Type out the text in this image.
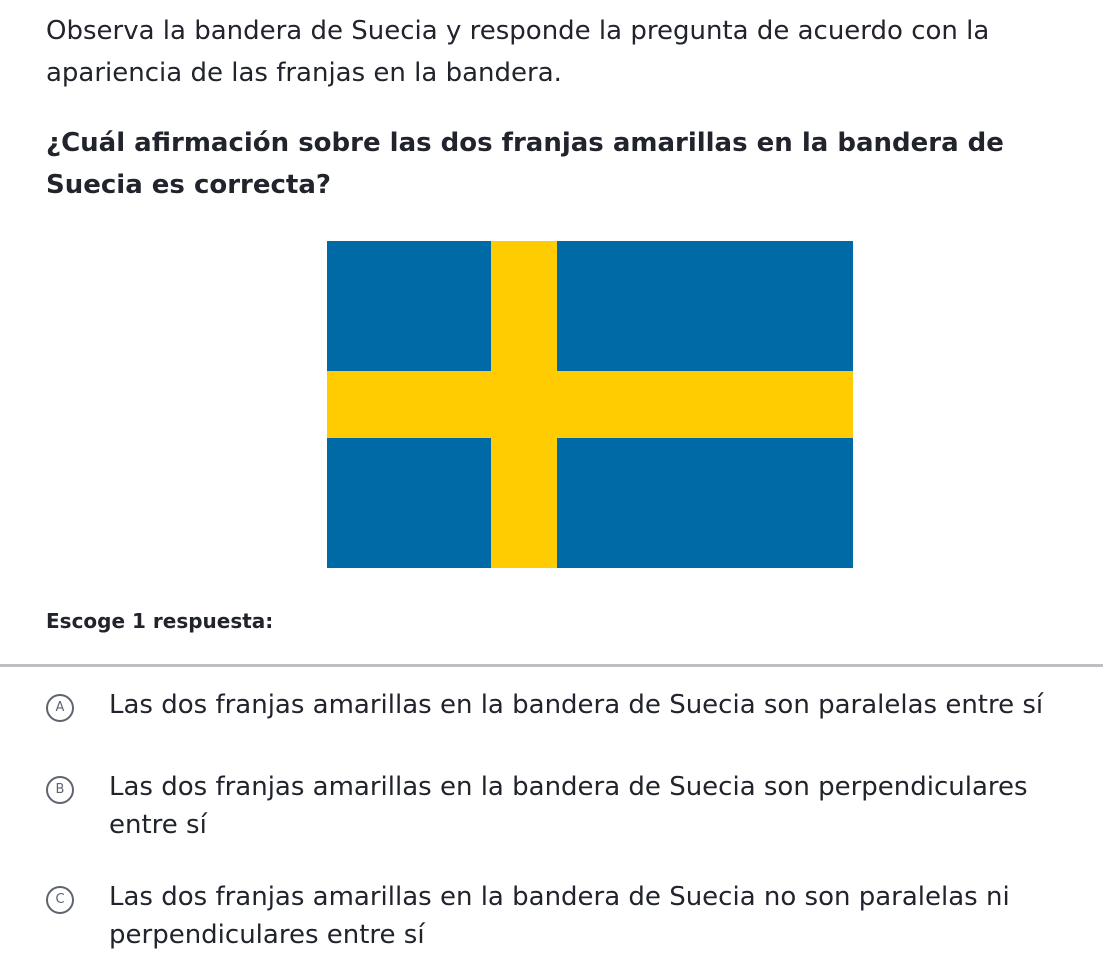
Observa la bandera de Suecia y responde la pregunta de acuerdo con la apariencia de las franjas en la bandera.

¿Cuál afirmación sobre las dos franjas amarillas en la bandera de Suecia es correcta?

Escoge 1 respuesta:

A	Las dos franjas amarillas en la bandera de Suecia son paralelas entre sí
B	Las dos franjas amarillas en la bandera de Suecia son perpendiculares entre sí
C	Las dos franjas amarillas en la bandera de Suecia no son paralelas ni perpendiculares entre sí
